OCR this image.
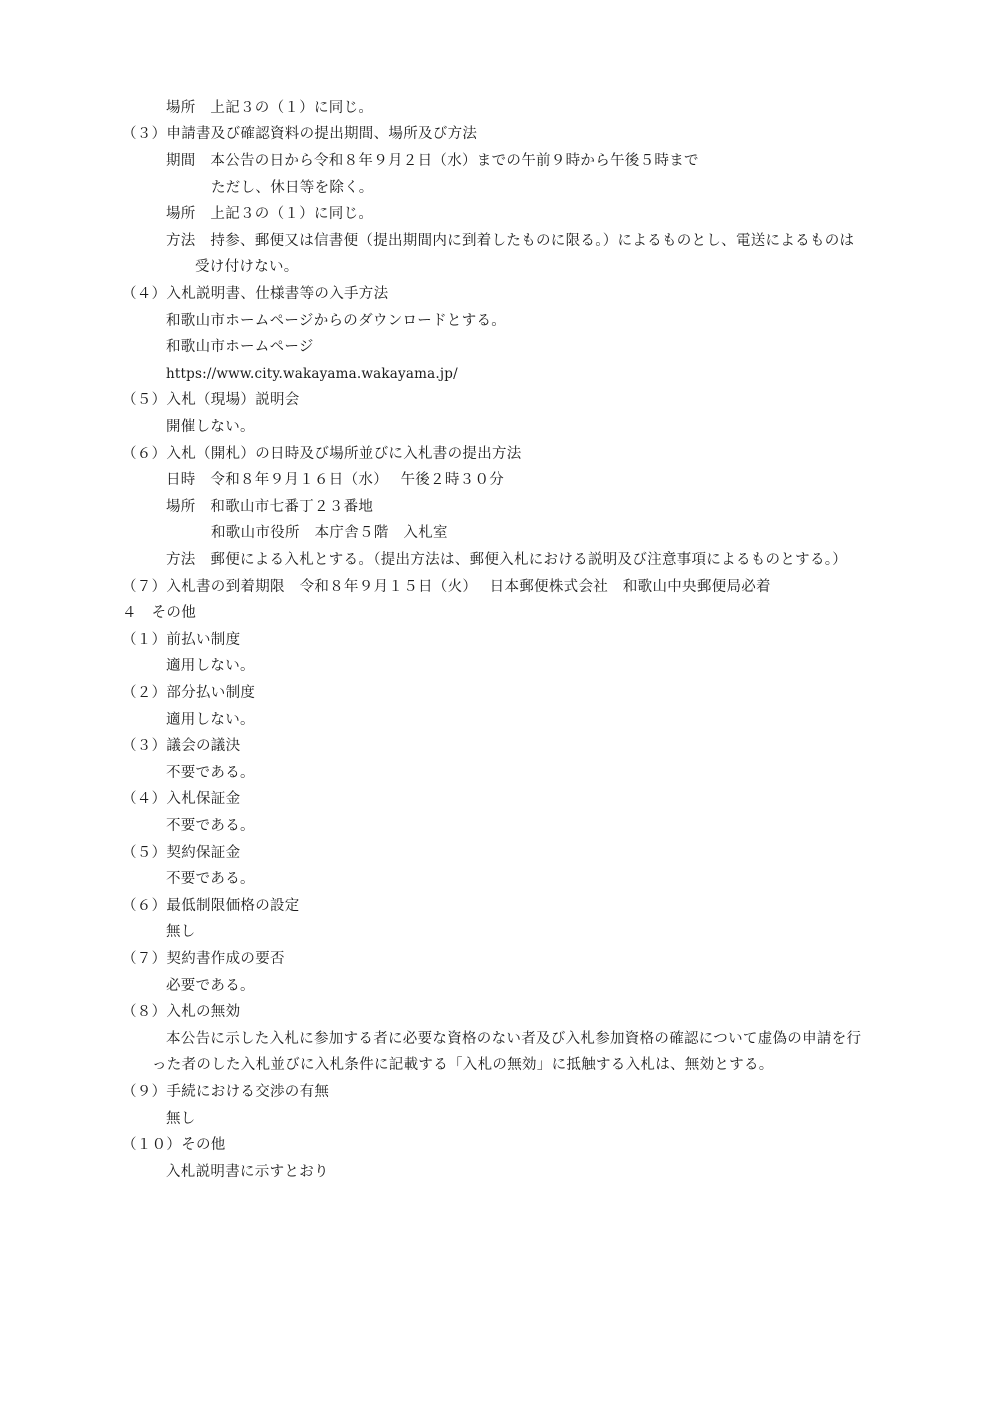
場所　上記３の（１）に同じ。
（３）申請書及び確認資料の提出期間、場所及び方法
期間　本公告の日から令和８年９月２日（水）までの午前９時から午後５時まで
ただし、休日等を除く。
場所　上記３の（１）に同じ。
方法　持参、郵便又は信書便（提出期間内に到着したものに限る。）によるものとし、電送によるものは
受け付けない。
（４）入札説明書、仕様書等の入手方法
和歌山市ホームページからのダウンロードとする。
和歌山市ホームページ
https://www.city.wakayama.wakayama.jp/
（５）入札（現場）説明会
開催しない。
（６）入札（開札）の日時及び場所並びに入札書の提出方法
日時　令和８年９月１６日（水）　 午後２時３０分
場所　和歌山市七番丁２３番地
和歌山市役所　本庁舎５階　入札室
方法　郵便による入札とする。（提出方法は、郵便入札における説明及び注意事項によるものとする。）
（７）入札書の到着期限　令和８年９月１５日（火）　 日本郵便株式会社　和歌山中央郵便局必着
４　その他
（１）前払い制度
適用しない。
（２）部分払い制度
適用しない。
（３）議会の議決
不要である。
（４）入札保証金
不要である。
（５）契約保証金
不要である。
（６）最低制限価格の設定
無し
（７）契約書作成の要否
必要である。
（８）入札の無効
本公告に示した入札に参加する者に必要な資格のない者及び入札参加資格の確認について虚偽の申請を行
った者のした入札並びに入札条件に記載する「入札の無効」に抵触する入札は、無効とする。
（９）手続における交渉の有無
無し
（１０）その他
入札説明書に示すとおり
